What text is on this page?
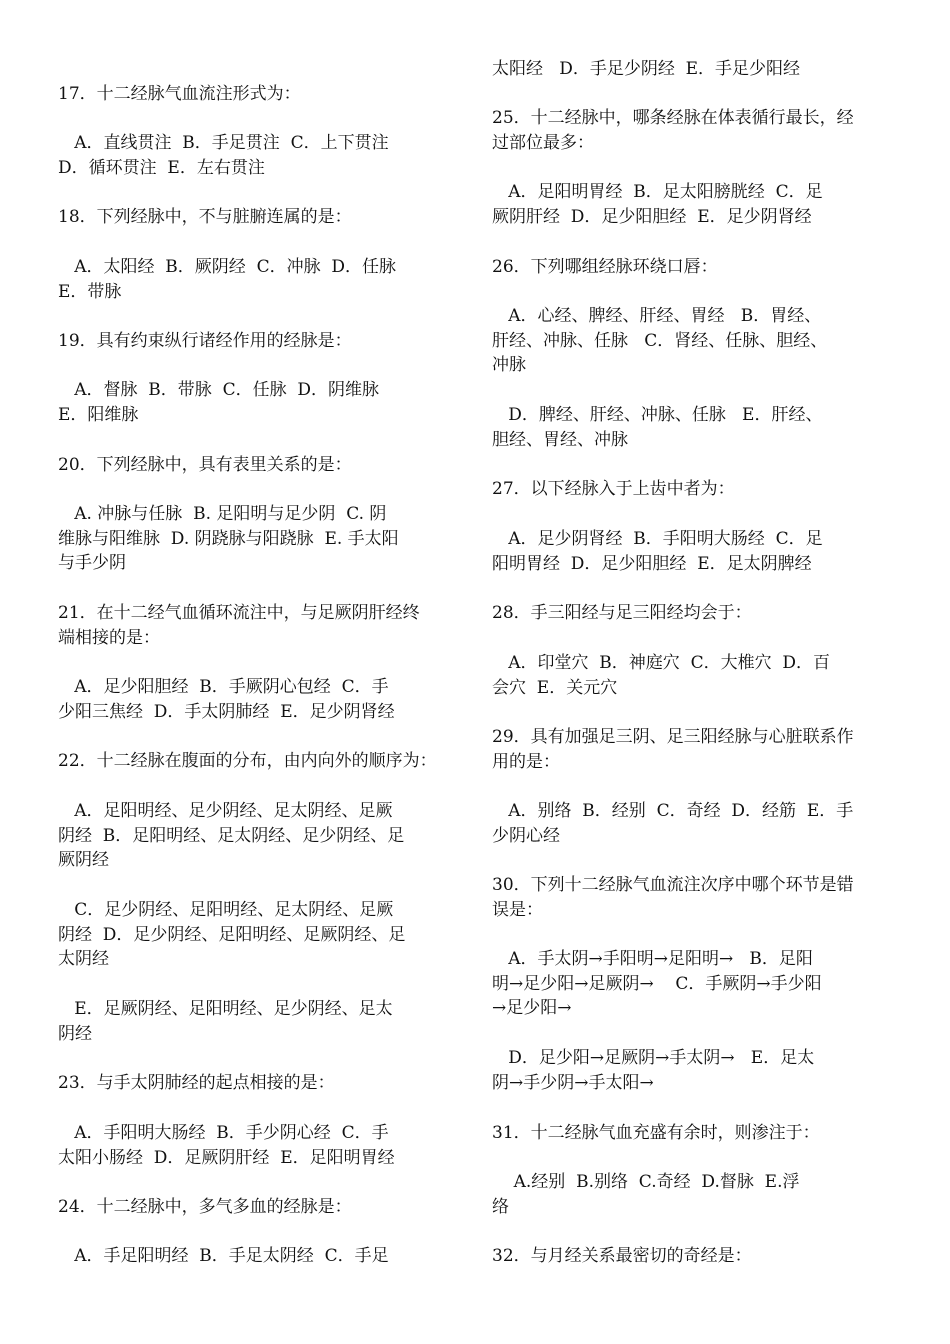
17．十二经脉气血流注形式为：
A．直线贯注  B．手足贯注  C．上下贯注
D．循环贯注  E．左右贯注
18．下列经脉中，不与脏腑连属的是：
A．太阳经  B．厥阴经  C．冲脉  D．任脉
E．带脉
19．具有约束纵行诸经作用的经脉是：
A．督脉  B．带脉  C．任脉  D．阴维脉
E．阳维脉
20．下列经脉中，具有表里关系的是：
A. 冲脉与任脉  B. 足阳明与足少阴  C. 阴
维脉与阳维脉  D. 阴跷脉与阳跷脉  E. 手太阳
与手少阴
21．在十二经气血循环流注中，与足厥阴肝经终
端相接的是：
A．足少阳胆经  B．手厥阴心包经  C．手
少阳三焦经  D．手太阴肺经  E．足少阴肾经
22．十二经脉在腹面的分布，由内向外的顺序为：
A．足阳明经、足少阴经、足太阴经、足厥
阴经  B．足阳明经、足太阴经、足少阴经、足
厥阴经
C．足少阴经、足阳明经、足太阴经、足厥
阴经  D．足少阴经、足阳明经、足厥阴经、足
太阴经
E．足厥阴经、足阳明经、足少阴经、足太
阴经
23．与手太阴肺经的起点相接的是：
A．手阳明大肠经  B．手少阴心经  C．手
太阳小肠经  D．足厥阴肝经  E．足阳明胃经
24．十二经脉中，多气多血的经脉是：
A．手足阳明经  B．手足太阴经  C．手足
太阳经   D．手足少阴经  E．手足少阳经
25．十二经脉中，哪条经脉在体表循行最长，经
过部位最多：
A．足阳明胃经  B．足太阳膀胱经  C．足
厥阴肝经  D．足少阳胆经  E．足少阴肾经
26．下列哪组经脉环绕口唇：
A．心经、脾经、肝经、胃经   B．胃经、
肝经、冲脉、任脉   C．肾经、任脉、胆经、
冲脉
D．脾经、肝经、冲脉、任脉   E．肝经、
胆经、胃经、冲脉
27．以下经脉入于上齿中者为：
A．足少阴肾经  B．手阳明大肠经  C．足
阳明胃经  D．足少阳胆经  E．足太阴脾经
28．手三阳经与足三阳经均会于：
A．印堂穴  B．神庭穴  C．大椎穴  D．百
会穴  E．关元穴
29．具有加强足三阴、足三阳经脉与心脏联系作
用的是：
A．别络  B．经别  C．奇经  D．经筋  E．手
少阴心经
30．下列十二经脉气血流注次序中哪个环节是错
误是：
A．手太阴→手阳明→足阳明→   B．足阳
明→足少阳→足厥阴→    C．手厥阴→手少阳
→足少阳→
D．足少阳→足厥阴→手太阴→   E．足太
阴→手少阴→手太阳→
31．十二经脉气血充盛有余时，则渗注于：
A.经别  B.别络  C.奇经  D.督脉  E.浮
络
32．与月经关系最密切的奇经是：
